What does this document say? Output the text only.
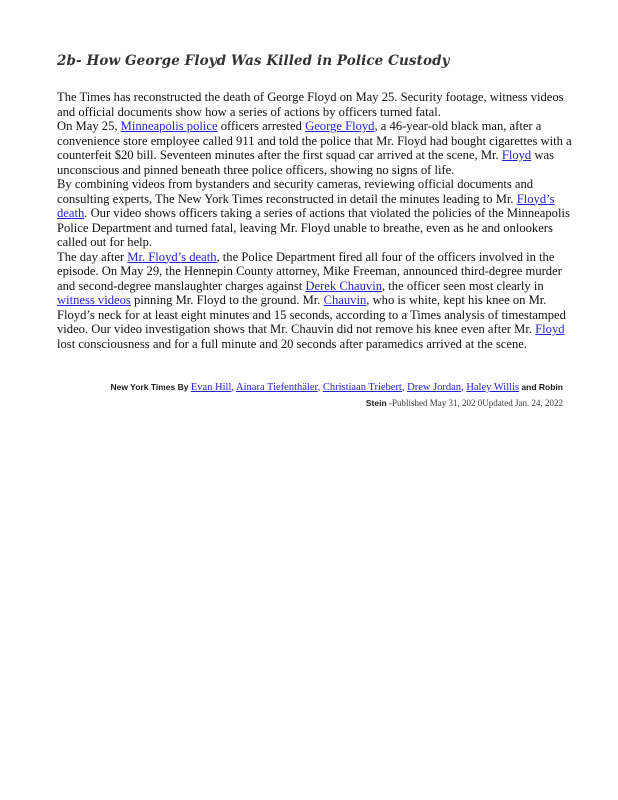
2b- How George Floyd Was Killed in Police Custody

The Times has reconstructed the death of George Floyd on May 25. Security footage, witness videos and official documents show how a series of actions by officers turned fatal.

On May 25, Minneapolis police officers arrested George Floyd, a 46-year-old black man, after a convenience store employee called 911 and told the police that Mr. Floyd had bought cigarettes with a counterfeit $20 bill. Seventeen minutes after the first squad car arrived at the scene, Mr. Floyd was unconscious and pinned beneath three police officers, showing no signs of life.

By combining videos from bystanders and security cameras, reviewing official documents and consulting experts, The New York Times reconstructed in detail the minutes leading to Mr. Floyd’s death. Our video shows officers taking a series of actions that violated the policies of the Minneapolis Police Department and turned fatal, leaving Mr. Floyd unable to breathe, even as he and onlookers called out for help.

The day after Mr. Floyd’s death, the Police Department fired all four of the officers involved in the episode. On May 29, the Hennepin County attorney, Mike Freeman, announced third-degree murder and second-degree manslaughter charges against Derek Chauvin, the officer seen most clearly in witness videos pinning Mr. Floyd to the ground. Mr. Chauvin, who is white, kept his knee on Mr. Floyd’s neck for at least eight minutes and 15 seconds, according to a Times analysis of timestamped video. Our video investigation shows that Mr. Chauvin did not remove his knee even after Mr. Floyd lost consciousness and for a full minute and 20 seconds after paramedics arrived at the scene.

New York Times By Evan Hill, Ainara Tiefenthäler, Christiaan Triebert, Drew Jordan, Haley Willis and Robin
Stein -Published May 31, 202 0Updated Jan. 24, 2022
